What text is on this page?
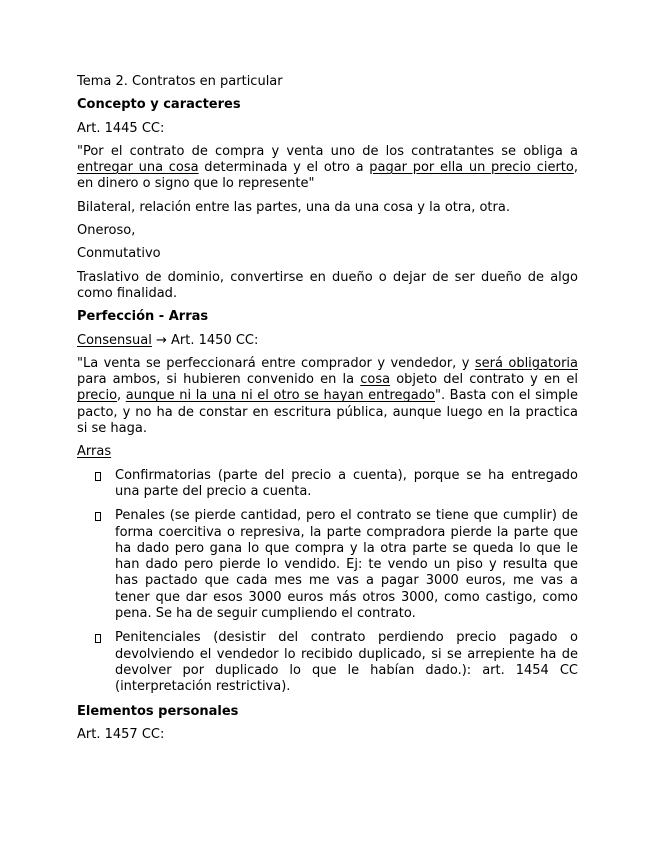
Tema 2. Contratos en particular

Concepto y caracteres

Art. 1445 CC:

"Por el contrato de compra y venta uno de los contratantes se obliga a entregar una cosa determinada y el otro a pagar por ella un precio cierto, en dinero o signo que lo represente"

Bilateral, relación entre las partes, una da una cosa y la otra, otra.

Oneroso,

Conmutativo

Traslativo de dominio, convertirse en dueño o dejar de ser dueño de algo como finalidad.

Perfección - Arras

Consensual → Art. 1450 CC:

"La venta se perfeccionará entre comprador y vendedor, y será obligatoria para ambos, si hubieren convenido en la cosa objeto del contrato y en el precio, aunque ni la una ni el otro se hayan entregado". Basta con el simple pacto, y no ha de constar en escritura pública, aunque luego en la practica si se haga.

Arras

Confirmatorias (parte del precio a cuenta), porque se ha entregado una parte del precio a cuenta.
Penales (se pierde cantidad, pero el contrato se tiene que cumplir) de forma coercitiva o represiva, la parte compradora pierde la parte que ha dado pero gana lo que compra y la otra parte se queda lo que le han dado pero pierde lo vendido. Ej: te vendo un piso y resulta que has pactado que cada mes me vas a pagar 3000 euros, me vas a tener que dar esos 3000 euros más otros 3000, como castigo, como pena. Se ha de seguir cumpliendo el contrato.
Penitenciales (desistir del contrato perdiendo precio pagado o devolviendo el vendedor lo recibido duplicado, si se arrepiente ha de devolver por duplicado lo que le habían dado.): art. 1454 CC (interpretación restrictiva).
Elementos personales

Art. 1457 CC:
